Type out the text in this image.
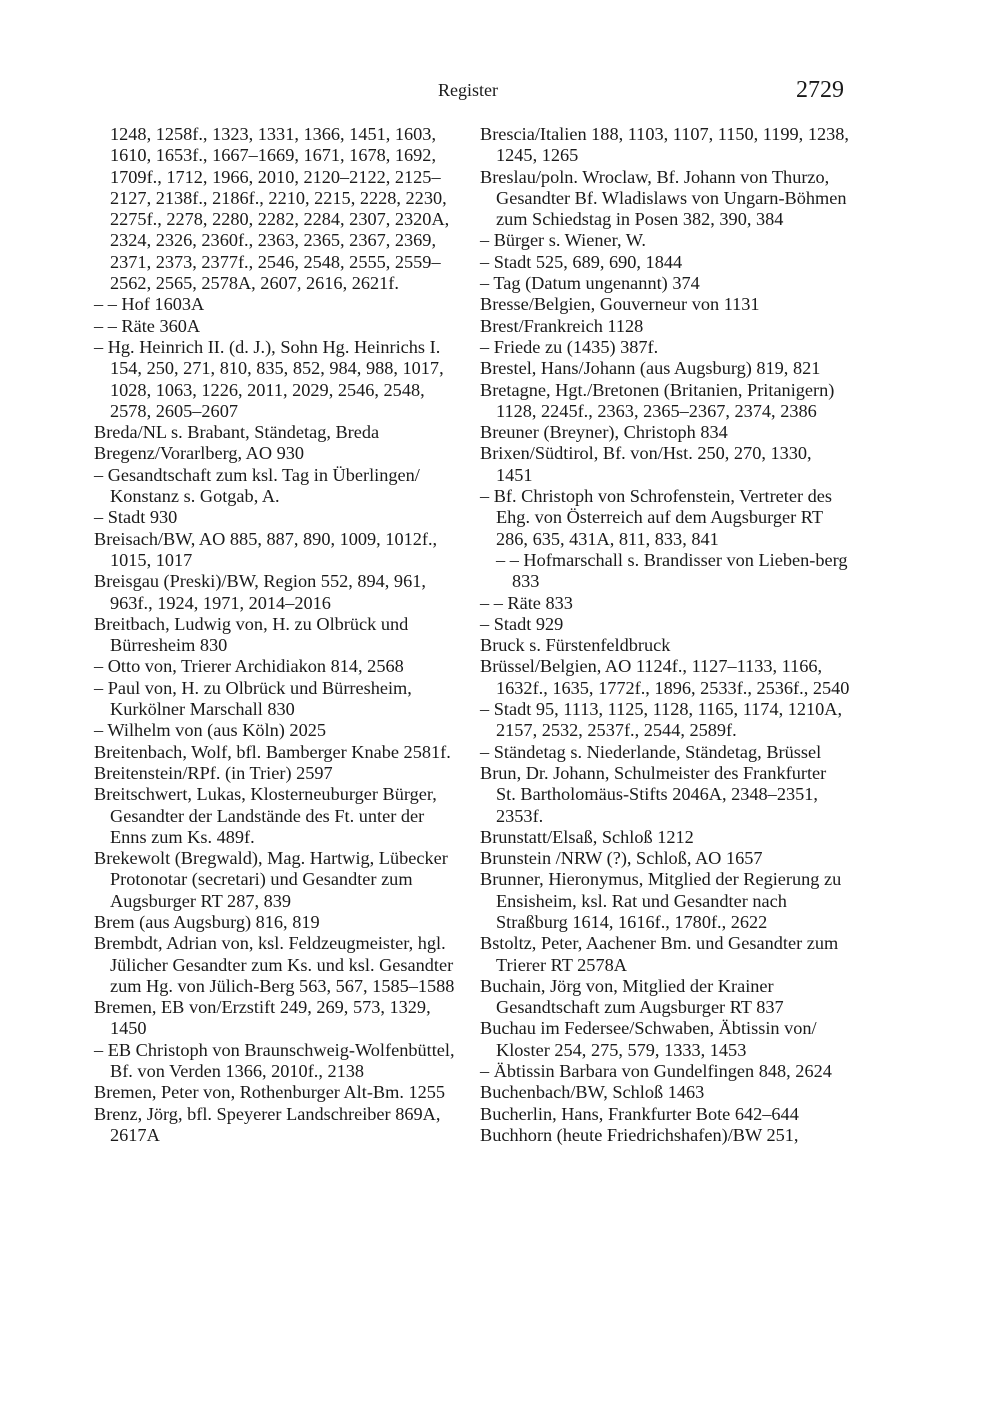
Register	2729
1248, 1258f., 1323, 1331, 1366, 1451, 1603, 1610, 1653f., 1667–1669, 1671, 1678, 1692, 1709f., 1712, 1966, 2010, 2120–2122, 2125–2127, 2138f., 2186f., 2210, 2215, 2228, 2230, 2275f., 2278, 2280, 2282, 2284, 2307, 2320A, 2324, 2326, 2360f., 2363, 2365, 2367, 2369, 2371, 2373, 2377f., 2546, 2548, 2555, 2559–2562, 2565, 2578A, 2607, 2616, 2621f.
– – Hof 1603A
– – Räte 360A
– Hg. Heinrich II. (d. J.), Sohn Hg. Heinrichs I. 154, 250, 271, 810, 835, 852, 984, 988, 1017, 1028, 1063, 1226, 2011, 2029, 2546, 2548, 2578, 2605–2607
Breda/NL s. Brabant, Ständetag, Breda
Bregenz/Vorarlberg, AO 930
– Gesandtschaft zum ksl. Tag in Überlingen/ Konstanz s. Gotgab, A.
– Stadt 930
Breisach/BW, AO 885, 887, 890, 1009, 1012f., 1015, 1017
Breisgau (Preski)/BW, Region 552, 894, 961, 963f., 1924, 1971, 2014–2016
Breitbach, Ludwig von, H. zu Olbrück und Bürresheim 830
– Otto von, Trierer Archidiakon 814, 2568
– Paul von, H. zu Olbrück und Bürresheim, Kurkölner Marschall 830
– Wilhelm von (aus Köln) 2025
Breitenbach, Wolf, bfl. Bamberger Knabe 2581f.
Breitenstein/RPf. (in Trier) 2597
Breitschwert, Lukas, Klosterneuburger Bürger, Gesandter der Landstände des Ft. unter der Enns zum Ks. 489f.
Brekewolt (Bregwald), Mag. Hartwig, Lübecker Protonotar (secretari) und Gesandter zum Augsburger RT 287, 839
Brem (aus Augsburg) 816, 819
Brembdt, Adrian von, ksl. Feldzeugmeister, hgl. Jülicher Gesandter zum Ks. und ksl. Gesandter zum Hg. von Jülich-Berg 563, 567, 1585–1588
Bremen, EB von/Erzstift 249, 269, 573, 1329, 1450
– EB Christoph von Braunschweig-Wolfenbüttel, Bf. von Verden 1366, 2010f., 2138
Bremen, Peter von, Rothenburger Alt-Bm. 1255
Brenz, Jörg, bfl. Speyerer Landschreiber 869A, 2617A
Brescia/Italien 188, 1103, 1107, 1150, 1199, 1238, 1245, 1265
Breslau/poln. Wroclaw, Bf. Johann von Thurzo, Gesandter Bf. Wladislaws von Ungarn-Böhmen zum Schiedstag in Posen 382, 390, 384
– Bürger s. Wiener, W.
– Stadt 525, 689, 690, 1844
– Tag (Datum ungenannt) 374
Bresse/Belgien, Gouverneur von 1131
Brest/Frankreich 1128
– Friede zu (1435) 387f.
Brestel, Hans/Johann (aus Augsburg) 819, 821
Bretagne, Hgt./Bretonen (Britanien, Pritanigern) 1128, 2245f., 2363, 2365–2367, 2374, 2386
Breuner (Breyner), Christoph 834
Brixen/Südtirol, Bf. von/Hst. 250, 270, 1330, 1451
– Bf. Christoph von Schrofenstein, Vertreter des Ehg. von Österreich auf dem Augsburger RT 286, 635, 431A, 811, 833, 841
– – Hofmarschall s. Brandisser von Lieben-berg 833
– – Räte 833
– Stadt 929
Bruck s. Fürstenfeldbruck
Brüssel/Belgien, AO 1124f., 1127–1133, 1166, 1632f., 1635, 1772f., 1896, 2533f., 2536f., 2540
– Stadt 95, 1113, 1125, 1128, 1165, 1174, 1210A, 2157, 2532, 2537f., 2544, 2589f.
– Ständetag s. Niederlande, Ständetag, Brüssel
Brun, Dr. Johann, Schulmeister des Frankfurter St. Bartholomäus-Stifts 2046A, 2348–2351, 2353f.
Brunstatt/Elsaß, Schloß 1212
Brunstein /NRW (?), Schloß, AO 1657
Brunner, Hieronymus, Mitglied der Regierung zu Ensisheim, ksl. Rat und Gesandter nach Straßburg 1614, 1616f., 1780f., 2622
Bstoltz, Peter, Aachener Bm. und Gesandter zum Trierer RT 2578A
Buchain, Jörg von, Mitglied der Krainer Gesandtschaft zum Augsburger RT 837
Buchau im Federsee/Schwaben, Äbtissin von/ Kloster 254, 275, 579, 1333, 1453
– Äbtissin Barbara von Gundelfingen 848, 2624
Buchenbach/BW, Schloß 1463
Bucherlin, Hans, Frankfurter Bote 642–644
Buchhorn (heute Friedrichshafen)/BW 251,
